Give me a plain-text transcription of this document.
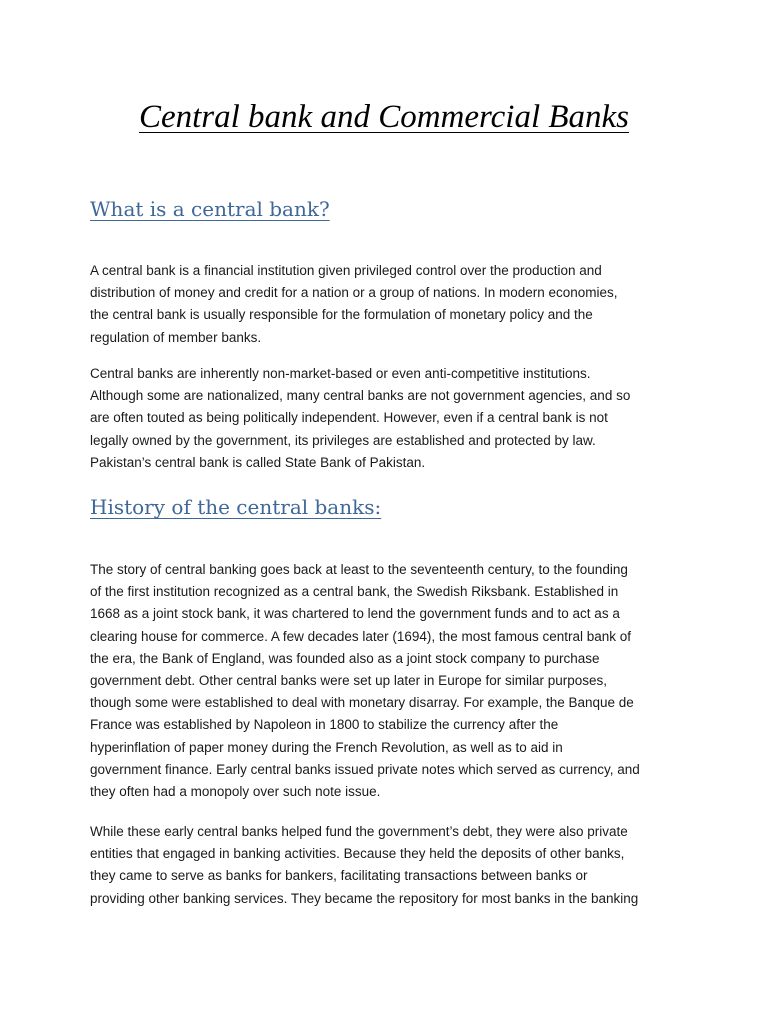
Central bank and Commercial Banks
What is a central bank?
A central bank is a financial institution given privileged control over the production and
distribution of money and credit for a nation or a group of nations. In modern economies,
the central bank is usually responsible for the formulation of monetary policy and the
regulation of member banks.
Central banks are inherently non-market-based or even anti-competitive institutions.
Although some are nationalized, many central banks are not government agencies, and so
are often touted as being politically independent. However, even if a central bank is not
legally owned by the government, its privileges are established and protected by law.
Pakistan’s central bank is called State Bank of Pakistan.
History of the central banks:
The story of central banking goes back at least to the seventeenth century, to the founding
of the first institution recognized as a central bank, the Swedish Riksbank. Established in
1668 as a joint stock bank, it was chartered to lend the government funds and to act as a
clearing house for commerce. A few decades later (1694), the most famous central bank of
the era, the Bank of England, was founded also as a joint stock company to purchase
government debt. Other central banks were set up later in Europe for similar purposes,
though some were established to deal with monetary disarray. For example, the Banque de
France was established by Napoleon in 1800 to stabilize the currency after the
hyperinflation of paper money during the French Revolution, as well as to aid in
government finance. Early central banks issued private notes which served as currency, and
they often had a monopoly over such note issue.
While these early central banks helped fund the government’s debt, they were also private
entities that engaged in banking activities. Because they held the deposits of other banks,
they came to serve as banks for bankers, facilitating transactions between banks or
providing other banking services. They became the repository for most banks in the banking
